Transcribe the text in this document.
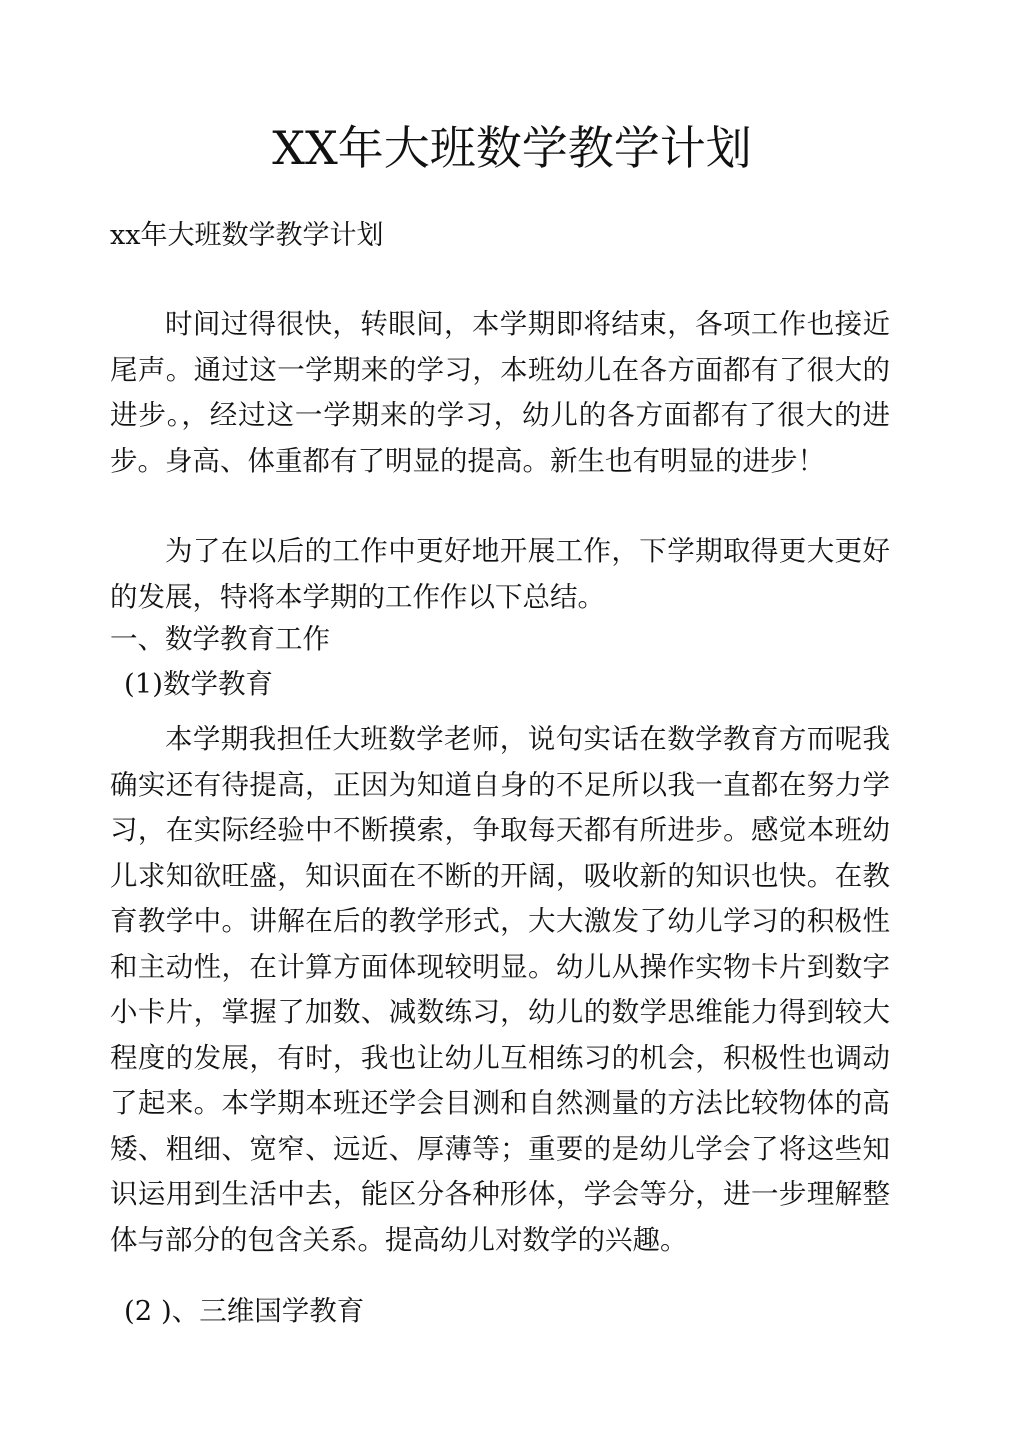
XX年大班数学教学计划

xx年大班数学教学计划

时间过得很快，转眼间，本学期即将结束，各项工作也接近尾声。通过这一学期来的学习，本班幼儿在各方面都有了很大的进步。，经过这一学期来的学习，幼儿的各方面都有了很大的进步。身高、体重都有了明显的提高。新生也有明显的进步！

为了在以后的工作中更好地开展工作，下学期取得更大更好的发展，特将本学期的工作作以下总结。

一、数学教育工作

(1)数学教育

本学期我担任大班数学老师，说句实话在数学教育方而呢我确实还有待提高，正因为知道自身的不足所以我一直都在努力学习，在实际经验中不断摸索，争取每天都有所进步。感觉本班幼儿求知欲旺盛，知识面在不断的开阔，吸收新的知识也快。在教育教学中。讲解在后的教学形式，大大激发了幼儿学习的积极性和主动性，在计算方面体现较明显。幼儿从操作实物卡片到数字小卡片，掌握了加数、减数练习，幼儿的数学思维能力得到较大程度的发展，有时，我也让幼儿互相练习的机会，积极性也调动了起来。本学期本班还学会目测和自然测量的方法比较物体的高矮、粗细、宽窄、远近、厚薄等；重要的是幼儿学会了将这些知识运用到生活中去，能区分各种形体，学会等分，进一步理解整体与部分的包含关系。提高幼儿对数学的兴趣。

(2 )、三维国学教育
